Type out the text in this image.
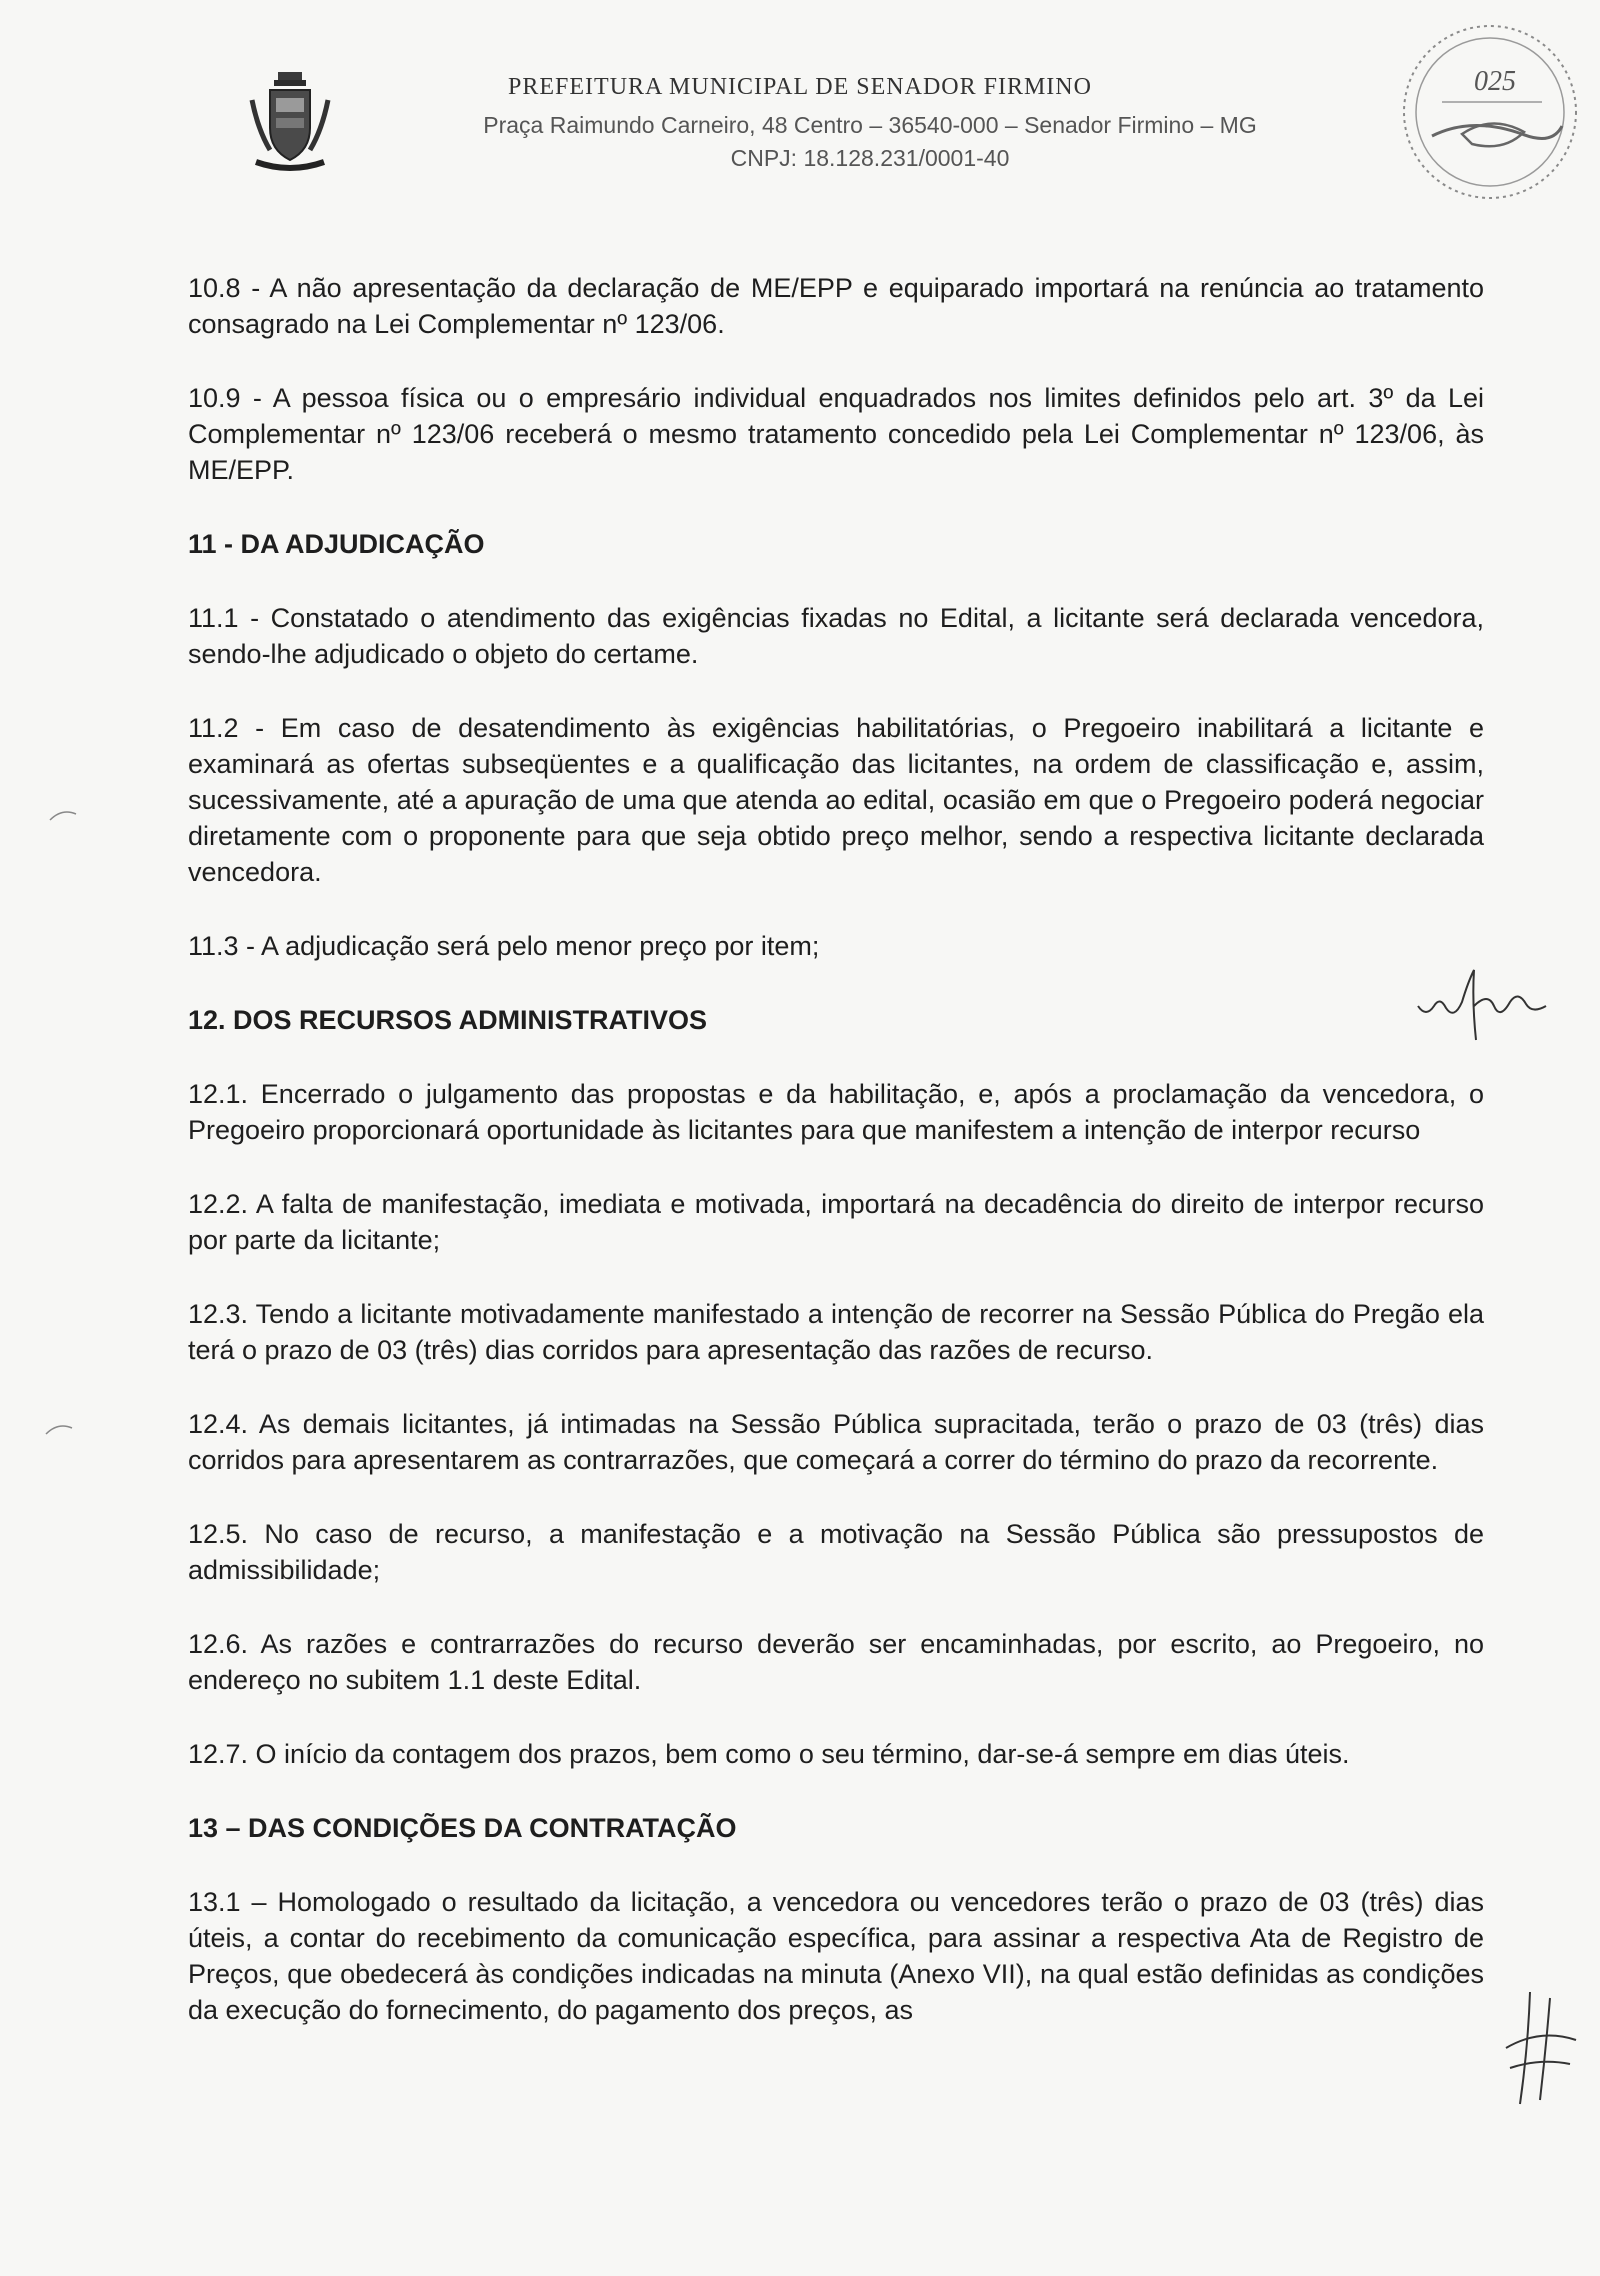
PREFEITURA MUNICIPAL DE SENADOR FIRMINO
Praça Raimundo Carneiro, 48 Centro – 36540-000 – Senador Firmino – MG
CNPJ: 18.128.231/0001-40
025

10.8 - A não apresentação da declaração de ME/EPP e equiparado importará na renúncia ao tratamento consagrado na Lei Complementar nº 123/06.

10.9 - A pessoa física ou o empresário individual enquadrados nos limites definidos pelo art. 3º da Lei Complementar nº 123/06 receberá o mesmo tratamento concedido pela Lei Complementar nº 123/06, às ME/EPP.

11 - DA ADJUDICAÇÃO

11.1 - Constatado o atendimento das exigências fixadas no Edital, a licitante será declarada vencedora, sendo-lhe adjudicado o objeto do certame.

11.2 - Em caso de desatendimento às exigências habilitatórias, o Pregoeiro inabilitará a licitante e examinará as ofertas subseqüentes e a qualificação das licitantes, na ordem de classificação e, assim, sucessivamente, até a apuração de uma que atenda ao edital, ocasião em que o Pregoeiro poderá negociar diretamente com o proponente para que seja obtido preço melhor, sendo a respectiva licitante declarada vencedora.

11.3 - A adjudicação será pelo menor preço por item;

12. DOS RECURSOS ADMINISTRATIVOS

12.1. Encerrado o julgamento das propostas e da habilitação, e, após a proclamação da vencedora, o Pregoeiro proporcionará oportunidade às licitantes para que manifestem a intenção de interpor recurso

12.2. A falta de manifestação, imediata e motivada, importará na decadência do direito de interpor recurso por parte da licitante;

12.3. Tendo a licitante motivadamente manifestado a intenção de recorrer na Sessão Pública do Pregão ela terá o prazo de 03 (três) dias corridos para apresentação das razões de recurso.

12.4. As demais licitantes, já intimadas na Sessão Pública supracitada, terão o prazo de 03 (três) dias corridos para apresentarem as contrarrazões, que começará a correr do término do prazo da recorrente.

12.5. No caso de recurso, a manifestação e a motivação na Sessão Pública são pressupostos de admissibilidade;

12.6. As razões e contrarrazões do recurso deverão ser encaminhadas, por escrito, ao Pregoeiro, no endereço no subitem 1.1 deste Edital.

12.7. O início da contagem dos prazos, bem como o seu término, dar-se-á sempre em dias úteis.

13 – DAS CONDIÇÕES DA CONTRATAÇÃO

13.1 – Homologado o resultado da licitação, a vencedora ou vencedores terão o prazo de 03 (três) dias úteis, a contar do recebimento da comunicação específica, para assinar a respectiva Ata de Registro de Preços, que obedecerá às condições indicadas na minuta (Anexo VII), na qual estão definidas as condições da execução do fornecimento, do pagamento dos preços, as
